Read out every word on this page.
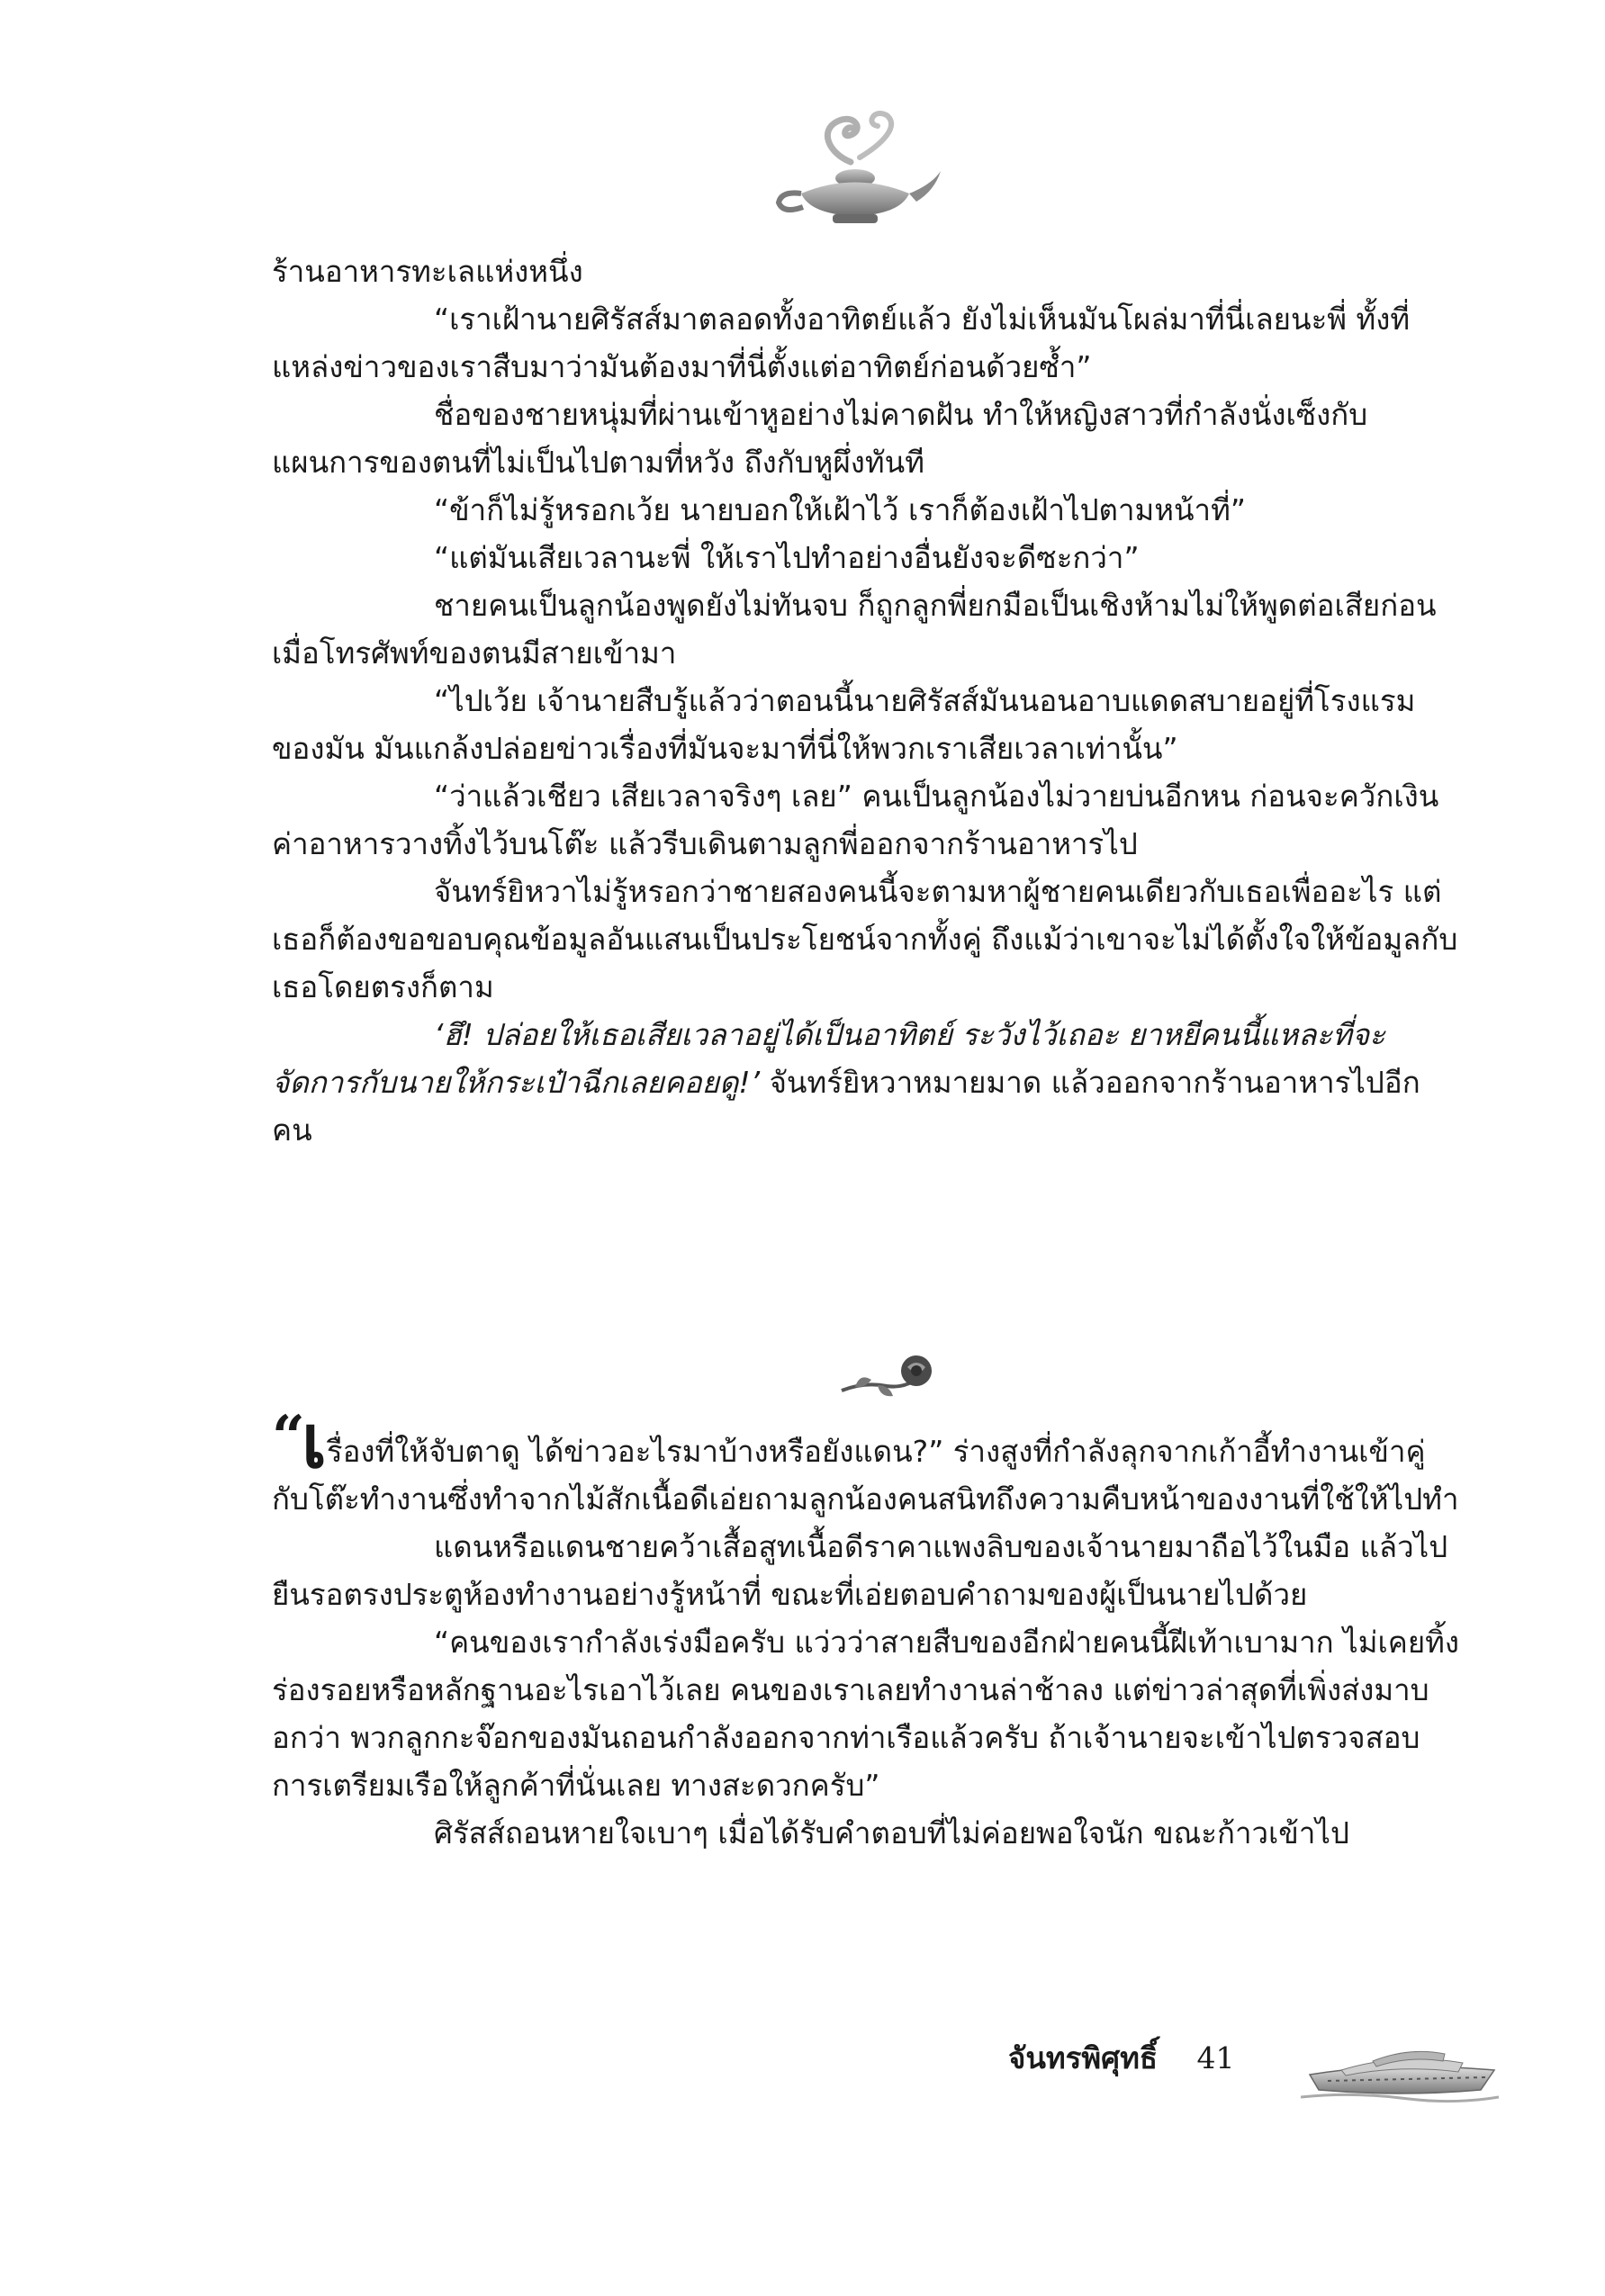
ร้านอาหารทะเลแห่งหนึ่ง

“เราเฝ้านายศิรัสส์มาตลอดทั้งอาทิตย์แล้ว ยังไม่เห็นมันโผล่มาที่นี่เลยนะพี่ ทั้งที่แหล่งข่าวของเราสืบมาว่ามันต้องมาที่นี่ตั้งแต่อาทิตย์ก่อนด้วยซ้ำ”

ชื่อของชายหนุ่มที่ผ่านเข้าหูอย่างไม่คาดฝัน ทำให้หญิงสาวที่กำลังนั่งเซ็งกับแผนการของตนที่ไม่เป็นไปตามที่หวัง ถึงกับหูผึ่งทันที

“ข้าก็ไม่รู้หรอกเว้ย นายบอกให้เฝ้าไว้ เราก็ต้องเฝ้าไปตามหน้าที่”

“แต่มันเสียเวลานะพี่ ให้เราไปทำอย่างอื่นยังจะดีซะกว่า”

ชายคนเป็นลูกน้องพูดยังไม่ทันจบ ก็ถูกลูกพี่ยกมือเป็นเชิงห้ามไม่ให้พูดต่อเสียก่อน เมื่อโทรศัพท์ของตนมีสายเข้ามา

“ไปเว้ย เจ้านายสืบรู้แล้วว่าตอนนี้นายศิรัสส์มันนอนอาบแดดสบายอยู่ที่โรงแรมของมัน มันแกล้งปล่อยข่าวเรื่องที่มันจะมาที่นี่ให้พวกเราเสียเวลาเท่านั้น”

“ว่าแล้วเชียว เสียเวลาจริงๆ เลย” คนเป็นลูกน้องไม่วายบ่นอีกหน ก่อนจะควักเงินค่าอาหารวางทิ้งไว้บนโต๊ะ แล้วรีบเดินตามลูกพี่ออกจากร้านอาหารไป

จันทร์ยิหวาไม่รู้หรอกว่าชายสองคนนี้จะตามหาผู้ชายคนเดียวกับเธอเพื่ออะไร แต่เธอก็ต้องขอขอบคุณข้อมูลอันแสนเป็นประโยชน์จากทั้งคู่ ถึงแม้ว่าเขาจะไม่ได้ตั้งใจให้ข้อมูลกับเธอโดยตรงก็ตาม

‘ฮึ! ปล่อยให้เธอเสียเวลาอยู่ได้เป็นอาทิตย์ ระวังไว้เถอะ ยาหยีคนนี้แหละที่จะจัดการกับนายให้กระเป๋าฉีกเลยคอยดู!’ จันทร์ยิหวาหมายมาด แล้วออกจากร้านอาหารไปอีกคน

“เรื่องที่ให้จับตาดู ได้ข่าวอะไรมาบ้างหรือยังแดน?” ร่างสูงที่กำลังลุกจากเก้าอี้ทำงานเข้าคู่กับโต๊ะทำงานซึ่งทำจากไม้สักเนื้อดีเอ่ยถามลูกน้องคนสนิทถึงความคืบหน้าของงานที่ใช้ให้ไปทำ

แดนหรือแดนชายคว้าเสื้อสูทเนื้อดีราคาแพงลิบของเจ้านายมาถือไว้ในมือ แล้วไปยืนรอตรงประตูห้องทำงานอย่างรู้หน้าที่ ขณะที่เอ่ยตอบคำถามของผู้เป็นนายไปด้วย

“คนของเรากำลังเร่งมือครับ แว่วว่าสายสืบของอีกฝ่ายคนนี้ฝีเท้าเบามาก ไม่เคยทิ้งร่องรอยหรือหลักฐานอะไรเอาไว้เลย คนของเราเลยทำงานล่าช้าลง แต่ข่าวล่าสุดที่เพิ่งส่งมาบอกว่า พวกลูกกะจ๊อกของมันถอนกำลังออกจากท่าเรือแล้วครับ ถ้าเจ้านายจะเข้าไปตรวจสอบการเตรียมเรือให้ลูกค้าที่นั่นเลย ทางสะดวกครับ”

ศิรัสส์ถอนหายใจเบาๆ เมื่อได้รับคำตอบที่ไม่ค่อยพอใจนัก ขณะก้าวเข้าไป

จันทรพิศุทธิ์ 41
